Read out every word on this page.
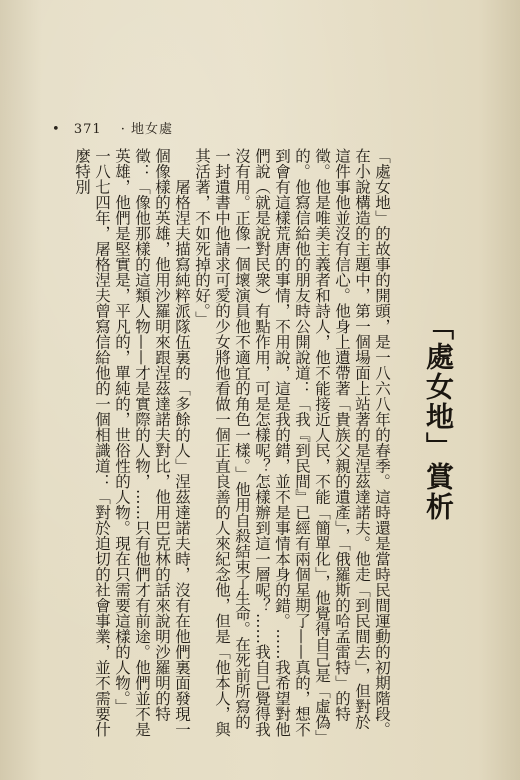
• 371 · 地女處
「處女地」賞析

「處女地」的故事的開頭，是一八六八年的春季。這時還是當時民間運動的初期階段。在小說構造的主題中，第一個場面上站著的是涅茲達諾夫。他走「到民間去」，但對於這件事他並沒有信心。他身上遺帶著「貴族父親的遺產」，「俄羅斯的哈孟雷特」的特徵。他是唯美主義者和詩人，他不能接近人民，不能「簡單化」，他覺得自己是「虛偽」的。他寫信給他的朋友時公開說道：「我『到民間』已經有兩個星期了——真的，想不到會有這樣荒唐的事情，不用說，這是我的錯，並不是事情本身的錯。……我希望對他們說（就是說對民衆）有點作用，可是怎樣呢？怎樣辦到這一層呢？……我自己覺得我沒有用。正像一個壞演員他不適宜的角色一樣。」他用自殺結束了生命。在死前所寫的一封遺書中他請求可愛的少女將他看做一個正直良善的人來紀念他，但是「他本人，與其活著，不如死掉的好。」

屠格涅夫描寫純粹派隊伍裏的「多餘的人」涅茲達諾夫時，沒有在他們裏面發現一個像樣的英雄，他用沙羅明來跟涅茲達諾夫對比，他用巴克林的話來說明沙羅明的特徵：「像他那樣的這類人物——才是實際的人物，……只有他們才有前途。他們並不是英雄，他們是堅實是，平凡的，單純的，世俗性的人物。現在只需要這樣的人物。」

一八七四年，屠格涅夫曾寫信給他的一個相識道：「對於迫切的社會事業，並不需要什麼特別
